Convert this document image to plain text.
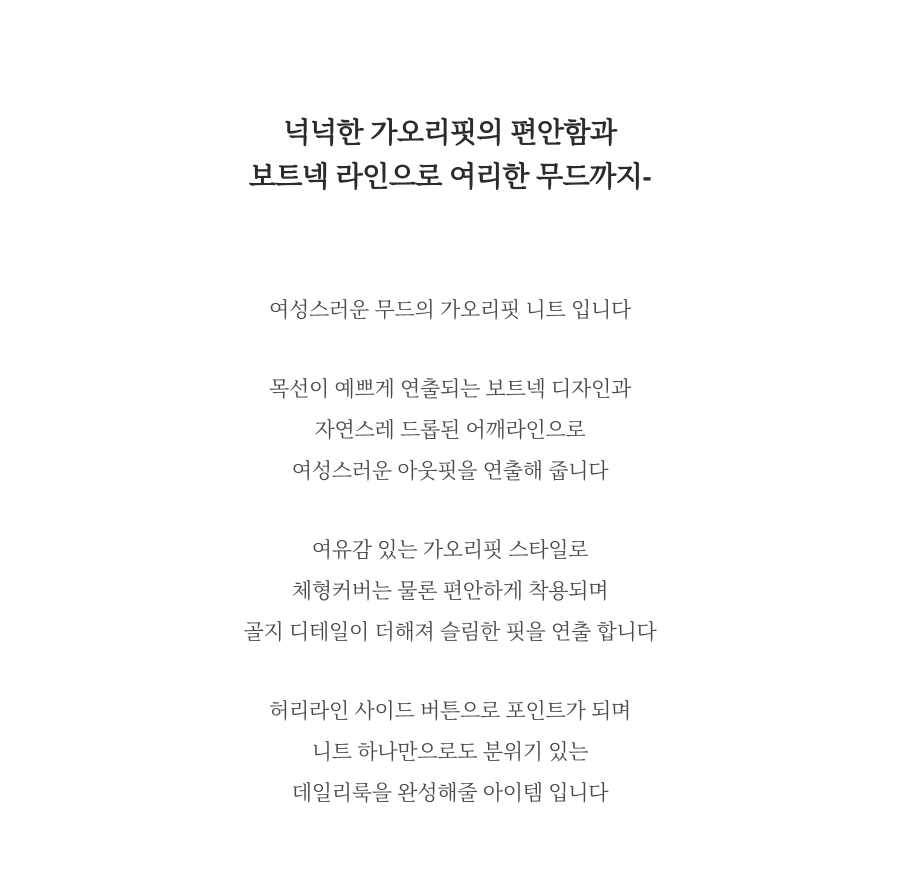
넉넉한 가오리핏의 편안함과
보트넥 라인으로 여리한 무드까지-

여성스러운 무드의 가오리핏 니트 입니다

목선이 예쁘게 연출되는 보트넥 디자인과
자연스레 드롭된 어깨라인으로
여성스러운 아웃핏을 연출해 줍니다

여유감 있는 가오리핏 스타일로
체형커버는 물론 편안하게 착용되며
골지 디테일이 더해져 슬림한 핏을 연출 합니다

허리라인 사이드 버튼으로 포인트가 되며
니트 하나만으로도 분위기 있는
데일리룩을 완성해줄 아이템 입니다
